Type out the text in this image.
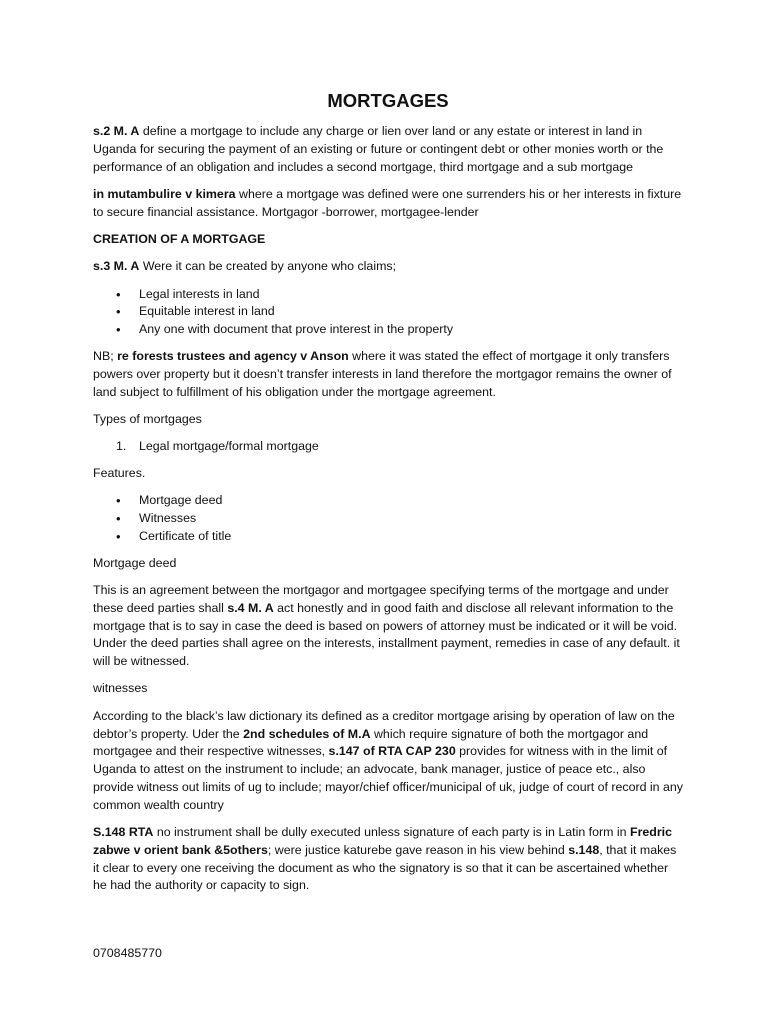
MORTGAGES

s.2 M. A define a mortgage to include any charge or lien over land or any estate or interest in land in Uganda for securing the payment of an existing or future or contingent debt or other monies worth or the performance of an obligation and includes a second mortgage, third mortgage and a sub mortgage

in mutambulire v kimera where a mortgage was defined were one surrenders his or her interests in fixture to secure financial assistance. Mortgagor -borrower, mortgagee-lender

CREATION OF A MORTGAGE

s.3 M. A Were it can be created by anyone who claims;

• Legal interests in land
• Equitable interest in land
• Any one with document that prove interest in the property

NB; re forests trustees and agency v Anson where it was stated the effect of mortgage it only transfers powers over property but it doesn’t transfer interests in land therefore the mortgagor remains the owner of land subject to fulfillment of his obligation under the mortgage agreement.

Types of mortgages

1. Legal mortgage/formal mortgage

Features.

• Mortgage deed
• Witnesses
• Certificate of title

Mortgage deed

This is an agreement between the mortgagor and mortgagee specifying terms of the mortgage and under these deed parties shall s.4 M. A act honestly and in good faith and disclose all relevant information to the mortgage that is to say in case the deed is based on powers of attorney must be indicated or it will be void. Under the deed parties shall agree on the interests, installment payment, remedies in case of any default. it will be witnessed.

witnesses

According to the black’s law dictionary its defined as a creditor mortgage arising by operation of law on the debtor’s property. Uder the 2nd schedules of M.A which require signature of both the mortgagor and mortgagee and their respective witnesses, s.147 of RTA CAP 230 provides for witness with in the limit of Uganda to attest on the instrument to include; an advocate, bank manager, justice of peace etc., also provide witness out limits of ug to include; mayor/chief officer/municipal of uk, judge of court of record in any common wealth country

S.148 RTA no instrument shall be dully executed unless signature of each party is in Latin form in Fredric zabwe v orient bank &5others; were justice katurebe gave reason in his view behind s.148, that it makes it clear to every one receiving the document as who the signatory is so that it can be ascertained whether he had the authority or capacity to sign.

0708485770
